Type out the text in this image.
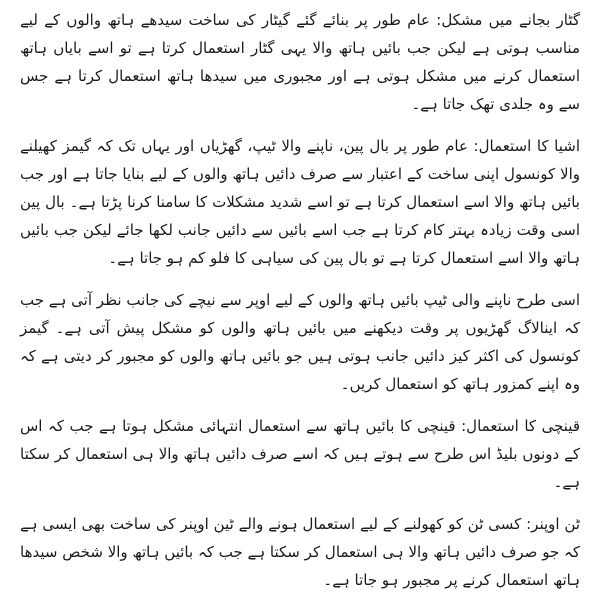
گٹار بجانے میں مشکل: عام طور پر بنائے گئے گیٹار کی ساخت سیدھے ہاتھ والوں کے لیے مناسب ہوتی ہے لیکن جب بائیں ہاتھ والا یہی گٹار استعمال کرتا ہے تو اسے بایاں ہاتھ استعمال کرنے میں مشکل ہوتی ہے اور مجبوری میں سیدھا ہاتھ استعمال کرتا ہے جس سے وہ جلدی تھک جاتا ہے۔

اشیا کا استعمال: عام طور پر بال پین، ناپنے والا ٹیپ، گھڑیاں اور یہاں تک کہ گیمز کھیلنے والا کونسول اپنی ساخت کے اعتبار سے صرف دائیں ہاتھ والوں کے لیے بنایا جاتا ہے اور جب بائیں ہاتھ والا اسے استعمال کرتا ہے تو اسے شدید مشکلات کا سامنا کرنا پڑتا ہے۔ بال پین اسی وقت زیادہ بہتر کام کرتا ہے جب اسے بائیں سے دائیں جانب لکھا جائے لیکن جب بائیں ہاتھ والا اسے استعمال کرتا ہے تو بال پین کی سیاہی کا فلو کم ہو جاتا ہے۔

اسی طرح ناپنے والی ٹیپ بائیں ہاتھ والوں کے لیے اوپر سے نیچے کی جانب نظر آتی ہے جب کہ اینالاگ گھڑیوں پر وقت دیکھنے میں بائیں ہاتھ والوں کو مشکل پیش آتی ہے۔ گیمز کونسول کی اکثر کیز دائیں جانب ہوتی ہیں جو بائیں ہاتھ والوں کو مجبور کر دیتی ہے کہ وہ اپنے کمزور ہاتھ کو استعمال کریں۔

قینچی کا استعمال: قینچی کا بائیں ہاتھ سے استعمال انتہائی مشکل ہوتا ہے جب کہ اس کے دونوں بلیڈ اس طرح سے ہوتے ہیں کہ اسے صرف دائیں ہاتھ والا ہی استعمال کر سکتا ہے۔

ٹن اوپنر: کسی ٹن کو کھولنے کے لیے استعمال ہونے والے ٹین اوپنر کی ساخت بھی ایسی ہے کہ جو صرف دائیں ہاتھ والا ہی استعمال کر سکتا ہے جب کہ بائیں ہاتھ والا شخص سیدھا ہاتھ استعمال کرنے پر مجبور ہو جاتا ہے۔
